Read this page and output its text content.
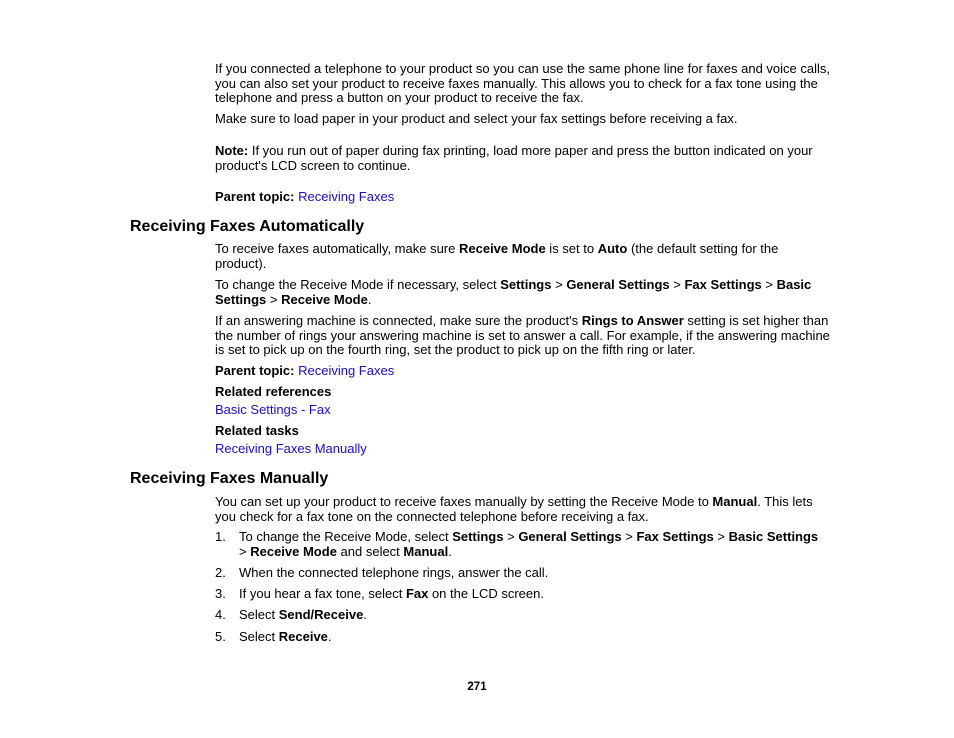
If you connected a telephone to your product so you can use the same phone line for faxes and voice calls, you can also set your product to receive faxes manually. This allows you to check for a fax tone using the telephone and press a button on your product to receive the fax.
Make sure to load paper in your product and select your fax settings before receiving a fax.
Note: If you run out of paper during fax printing, load more paper and press the button indicated on your product's LCD screen to continue.
Parent topic: Receiving Faxes
Receiving Faxes Automatically
To receive faxes automatically, make sure Receive Mode is set to Auto (the default setting for the product).
To change the Receive Mode if necessary, select Settings > General Settings > Fax Settings > Basic Settings > Receive Mode.
If an answering machine is connected, make sure the product's Rings to Answer setting is set higher than the number of rings your answering machine is set to answer a call. For example, if the answering machine is set to pick up on the fourth ring, set the product to pick up on the fifth ring or later.
Parent topic: Receiving Faxes
Related references
Basic Settings - Fax
Related tasks
Receiving Faxes Manually
Receiving Faxes Manually
You can set up your product to receive faxes manually by setting the Receive Mode to Manual. This lets you check for a fax tone on the connected telephone before receiving a fax.
1. To change the Receive Mode, select Settings > General Settings > Fax Settings > Basic Settings > Receive Mode and select Manual.
2. When the connected telephone rings, answer the call.
3. If you hear a fax tone, select Fax on the LCD screen.
4. Select Send/Receive.
5. Select Receive.
271
